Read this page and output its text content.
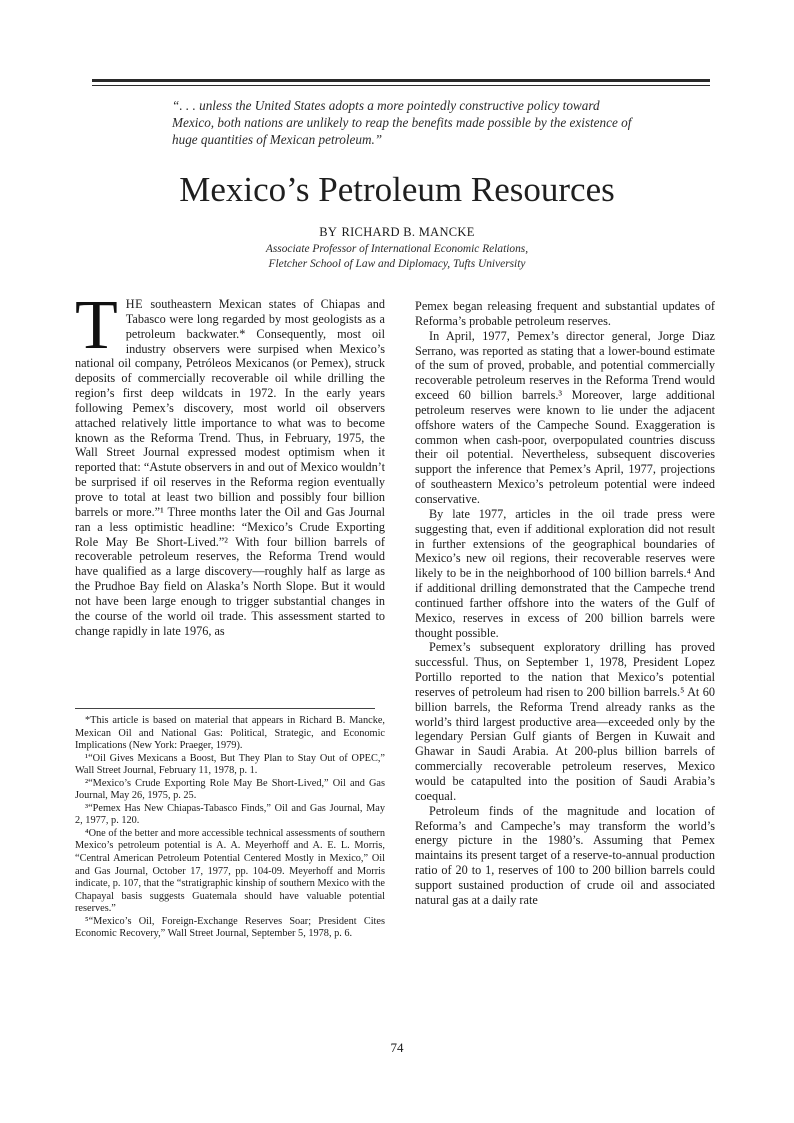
“. . . unless the United States adopts a more pointedly constructive policy toward Mexico, both nations are unlikely to reap the benefits made possible by the existence of huge quantities of Mexican petroleum.”
Mexico’s Petroleum Resources
BY RICHARD B. MANCKE
Associate Professor of International Economic Relations,
Fletcher School of Law and Diplomacy, Tufts University

THE southeastern Mexican states of Chiapas and Tabasco were long regarded by most geologists as a petroleum backwater.* Consequently, most oil industry observers were surpised when Mexico’s national oil company, Petróleos Mexicanos (or Pemex), struck deposits of commercially recoverable oil while drilling the region’s first deep wildcats in 1972. In the early years following Pemex’s discovery, most world oil observers attached relatively little importance to what was to become known as the Reforma Trend. Thus, in February, 1975, the Wall Street Journal expressed modest optimism when it reported that: “Astute observers in and out of Mexico wouldn’t be surprised if oil reserves in the Reforma region eventually prove to total at least two billion and possibly four billion barrels or more.”¹ Three months later the Oil and Gas Journal ran a less optimistic headline: “Mexico’s Crude Exporting Role May Be Short-Lived.”² With four billion barrels of recoverable petroleum reserves, the Reforma Trend would have qualified as a large discovery—roughly half as large as the Prudhoe Bay field on Alaska’s North Slope. But it would not have been large enough to trigger substantial changes in the course of the world oil trade. This assessment started to change rapidly in late 1976, as

*This article is based on material that appears in Richard B. Mancke, Mexican Oil and National Gas: Political, Strategic, and Economic Implications (New York: Praeger, 1979).

¹“Oil Gives Mexicans a Boost, But They Plan to Stay Out of OPEC,” Wall Street Journal, February 11, 1978, p. 1.

²“Mexico’s Crude Exporting Role May Be Short-Lived,” Oil and Gas Journal, May 26, 1975, p. 25.

³“Pemex Has New Chiapas-Tabasco Finds,” Oil and Gas Journal, May 2, 1977, p. 120.

⁴One of the better and more accessible technical assessments of southern Mexico’s petroleum potential is A. A. Meyerhoff and A. E. L. Morris, “Central American Petroleum Potential Centered Mostly in Mexico,” Oil and Gas Journal, October 17, 1977, pp. 104-09. Meyerhoff and Morris indicate, p. 107, that the “stratigraphic kinship of southern Mexico with the Chapayal basis suggests Guatemala should have valuable potential reserves.”

⁵“Mexico’s Oil, Foreign-Exchange Reserves Soar; President Cites Economic Recovery,” Wall Street Journal, September 5, 1978, p. 6.

Pemex began releasing frequent and substantial updates of Reforma’s probable petroleum reserves.

In April, 1977, Pemex’s director general, Jorge Diaz Serrano, was reported as stating that a lower-bound estimate of the sum of proved, probable, and potential commercially recoverable petroleum reserves in the Reforma Trend would exceed 60 billion barrels.³ Moreover, large additional petroleum reserves were known to lie under the adjacent offshore waters of the Campeche Sound. Exaggeration is common when cash-poor, overpopulated countries discuss their oil potential. Nevertheless, subsequent discoveries support the inference that Pemex’s April, 1977, projections of southeastern Mexico’s petroleum potential were indeed conservative.

By late 1977, articles in the oil trade press were suggesting that, even if additional exploration did not result in further extensions of the geographical boundaries of Mexico’s new oil regions, their recoverable reserves were likely to be in the neighborhood of 100 billion barrels.⁴ And if additional drilling demonstrated that the Campeche trend continued farther offshore into the waters of the Gulf of Mexico, reserves in excess of 200 billion barrels were thought possible.

Pemex’s subsequent exploratory drilling has proved successful. Thus, on September 1, 1978, President Lopez Portillo reported to the nation that Mexico’s potential reserves of petroleum had risen to 200 billion barrels.⁵ At 60 billion barrels, the Reforma Trend already ranks as the world’s third largest productive area—exceeded only by the legendary Persian Gulf giants of Bergen in Kuwait and Ghawar in Saudi Arabia. At 200-plus billion barrels of commercially recoverable petroleum reserves, Mexico would be catapulted into the position of Saudi Arabia’s coequal.

Petroleum finds of the magnitude and location of Reforma’s and Campeche’s may transform the world’s energy picture in the 1980’s. Assuming that Pemex maintains its present target of a reserve-to-annual production ratio of 20 to 1, reserves of 100 to 200 billion barrels could support sustained production of crude oil and associated natural gas at a daily rate

74
